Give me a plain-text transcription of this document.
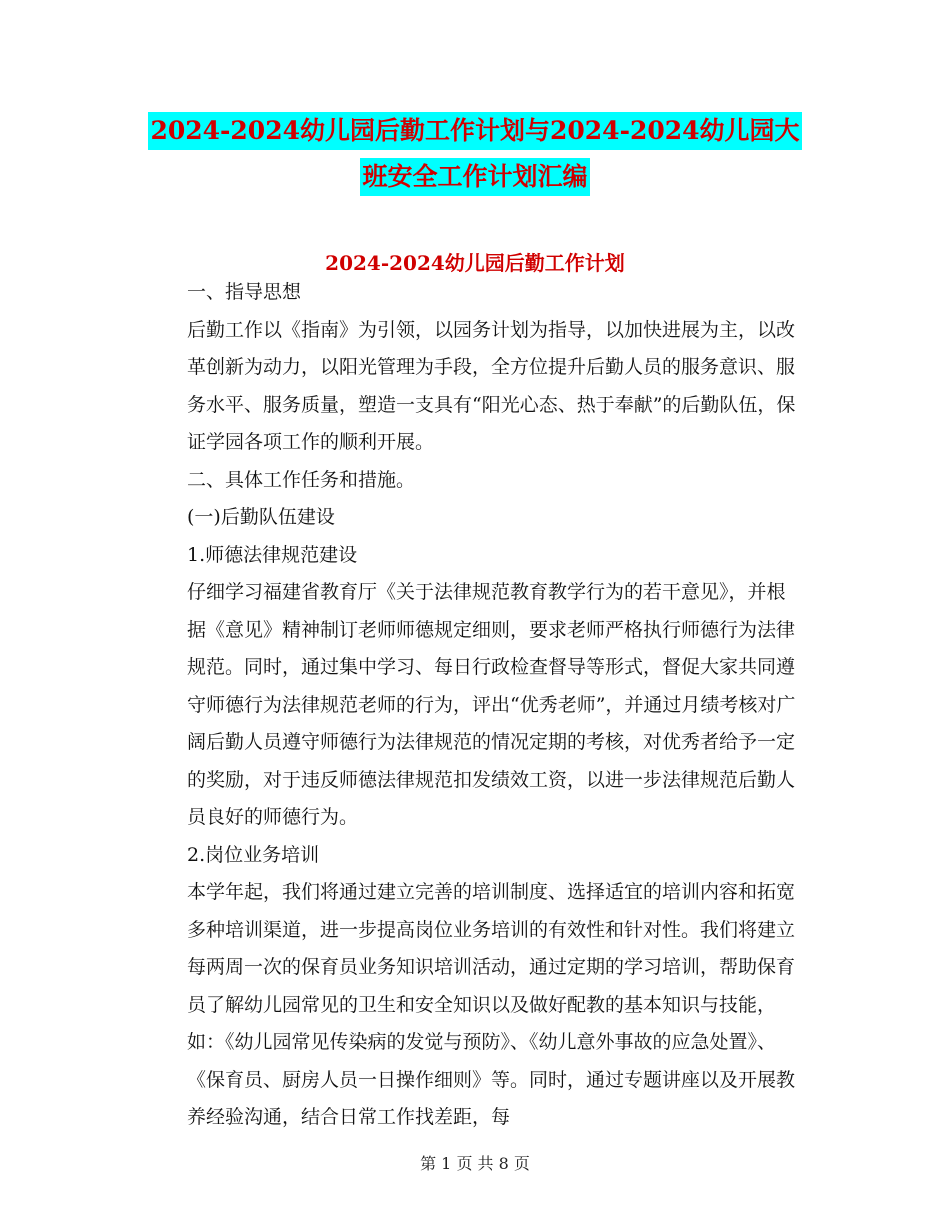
2024-2024幼儿园后勤工作计划与2024-2024幼儿园大
班安全工作计划汇编
2024-2024幼儿园后勤工作计划

一、指导思想

后勤工作以《指南》为引领，以园务计划为指导，以加快进展为主，以改革创新为动力，以阳光管理为手段，全方位提升后勤人员的服务意识、服务水平、服务质量，塑造一支具有“阳光心态、热于奉献”的后勤队伍，保证学园各项工作的顺利开展。

二、具体工作任务和措施。

(一)后勤队伍建设

1.师德法律规范建设

仔细学习福建省教育厅《关于法律规范教育教学行为的若干意见》，并根据《意见》精神制订老师师德规定细则，要求老师严格执行师德行为法律规范。同时，通过集中学习、每日行政检查督导等形式，督促大家共同遵守师德行为法律规范老师的行为，评出“优秀老师”，并通过月绩考核对广阔后勤人员遵守师德行为法律规范的情况定期的考核，对优秀者给予一定的奖励，对于违反师德法律规范扣发绩效工资，以进一步法律规范后勤人员良好的师德行为。

2.岗位业务培训

本学年起，我们将通过建立完善的培训制度、选择适宜的培训内容和拓宽多种培训渠道，进一步提高岗位业务培训的有效性和针对性。我们将建立每两周一次的保育员业务知识培训活动，通过定期的学习培训，帮助保育员了解幼儿园常见的卫生和安全知识以及做好配教的基本知识与技能，如：《幼儿园常见传染病的发觉与预防》、《幼儿意外事故的应急处置》、《保育员、厨房人员一日操作细则》等。同时，通过专题讲座以及开展教养经验沟通，结合日常工作找差距，每

第 1 页 共 8 页
